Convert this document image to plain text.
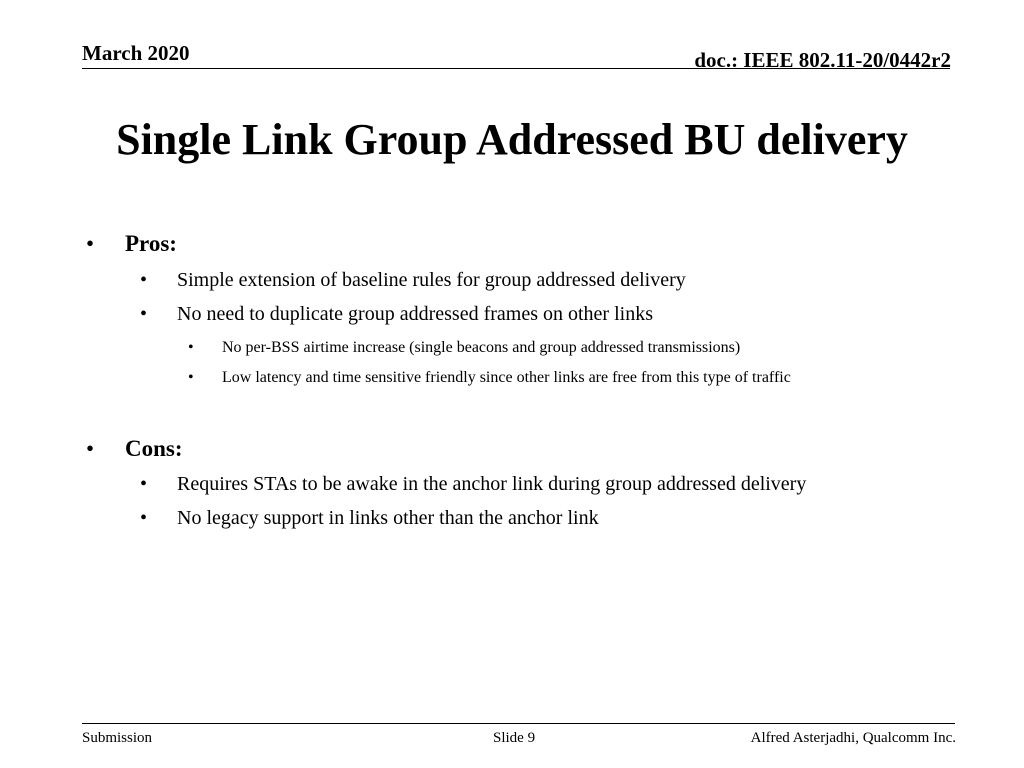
March 2020	doc.: IEEE 802.11-20/0442r2
Single Link Group Addressed BU delivery
• Pros:
• Simple extension of baseline rules for group addressed delivery
• No need to duplicate group addressed frames on other links
• No per-BSS airtime increase (single beacons and group addressed transmissions)
• Low latency and time sensitive friendly since other links are free from this type of traffic
• Cons:
• Requires STAs to be awake in the anchor link during group addressed delivery
• No legacy support in links other than the anchor link
Submission	Slide 9	Alfred Asterjadhi, Qualcomm Inc.
